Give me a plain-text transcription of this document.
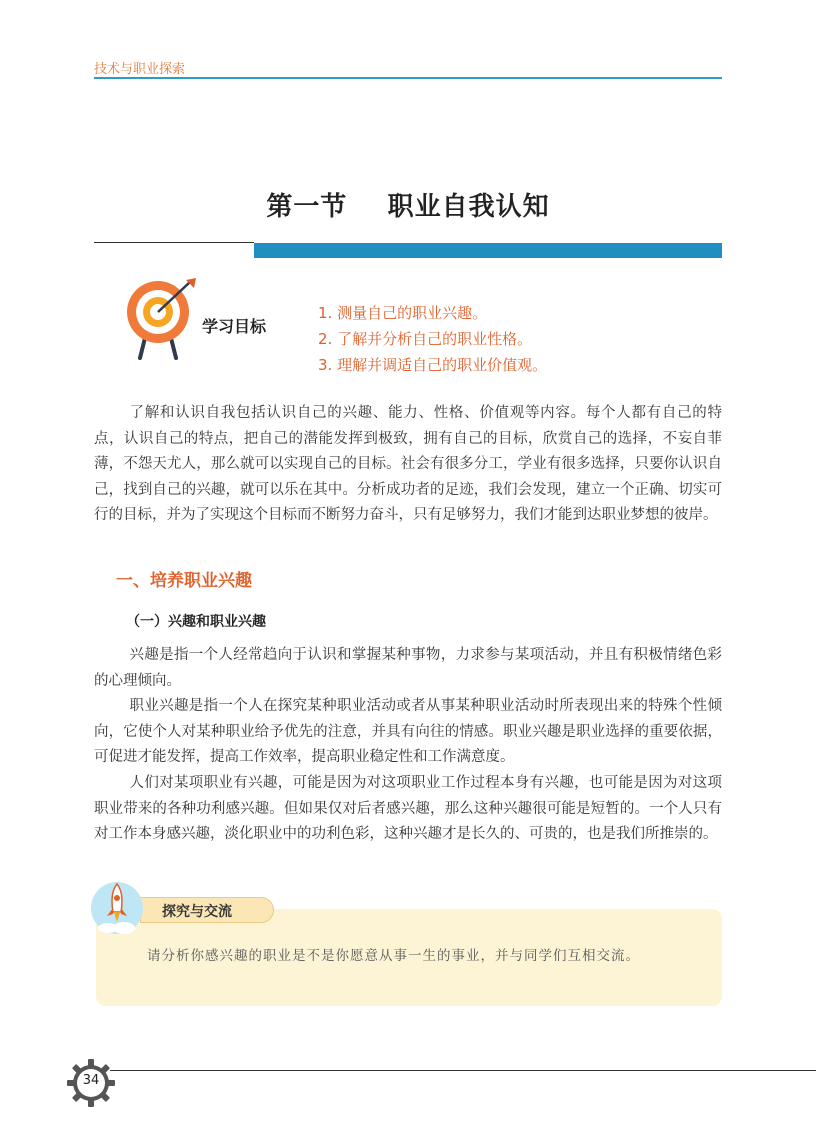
技术与职业探索
第一节    职业自我认知
学习目标
1. 测量自己的职业兴趣。
2. 了解并分析自己的职业性格。
3. 理解并调适自己的职业价值观。

了解和认识自我包括认识自己的兴趣、能力、性格、价值观等内容。每个人都有自己的特点，认识自己的特点，把自己的潜能发挥到极致，拥有自己的目标，欣赏自己的选择，不妄自菲薄，不怨天尤人，那么就可以实现自己的目标。社会有很多分工，学业有很多选择，只要你认识自己，找到自己的兴趣，就可以乐在其中。分析成功者的足迹，我们会发现，建立一个正确、切实可行的目标，并为了实现这个目标而不断努力奋斗，只有足够努力，我们才能到达职业梦想的彼岸。

一、培养职业兴趣
（一）兴趣和职业兴趣

兴趣是指一个人经常趋向于认识和掌握某种事物，力求参与某项活动，并且有积极情绪色彩的心理倾向。

职业兴趣是指一个人在探究某种职业活动或者从事某种职业活动时所表现出来的特殊个性倾向，它使个人对某种职业给予优先的注意，并具有向往的情感。职业兴趣是职业选择的重要依据，可促进才能发挥，提高工作效率，提高职业稳定性和工作满意度。

人们对某项职业有兴趣，可能是因为对这项职业工作过程本身有兴趣，也可能是因为对这项职业带来的各种功利感兴趣。但如果仅对后者感兴趣，那么这种兴趣很可能是短暂的。一个人只有对工作本身感兴趣，淡化职业中的功利色彩，这种兴趣才是长久的、可贵的，也是我们所推崇的。

探究与交流
请分析你感兴趣的职业是不是你愿意从事一生的事业，并与同学们互相交流。
34
